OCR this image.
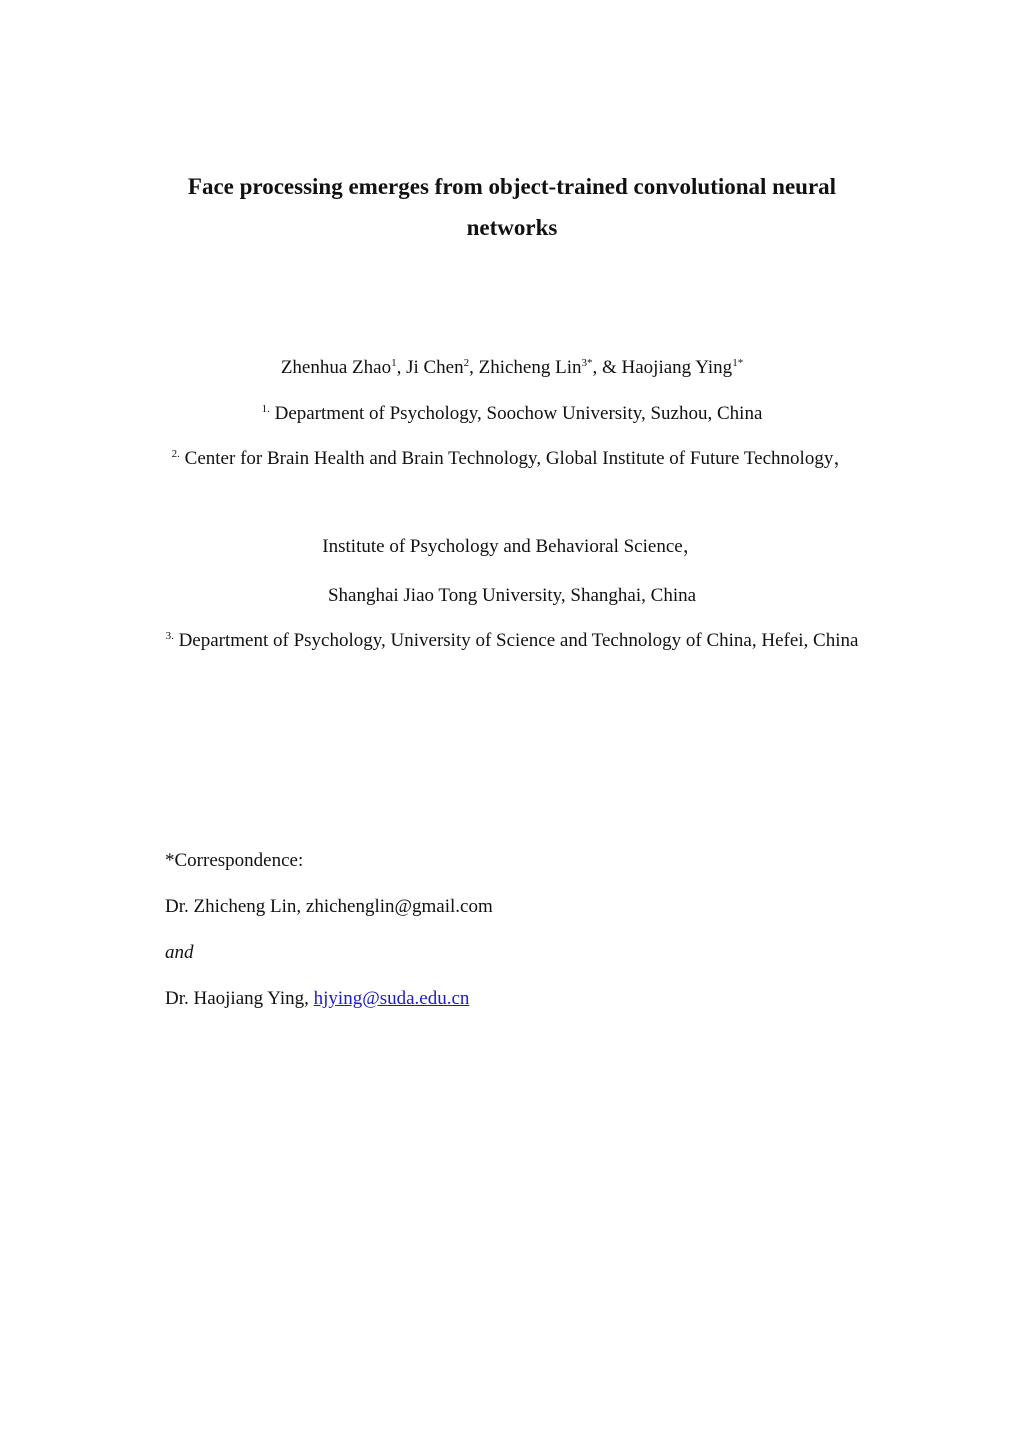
Face processing emerges from object-trained convolutional neural networks
Zhenhua Zhao$^1$, Ji Chen$^2$, Zhicheng Lin$^{3*}$, & Haojiang Ying$^{1*}$
$^{1.}$ Department of Psychology, Soochow University, Suzhou, China
$^{2.}$ Center for Brain Health and Brain Technology, Global Institute of Future Technology，
Institute of Psychology and Behavioral Science，
Shanghai Jiao Tong University, Shanghai, China
$^{3.}$ Department of Psychology, University of Science and Technology of China, Hefei, China
*Correspondence:
Dr. Zhicheng Lin, zhichenglin@gmail.com
and
Dr. Haojiang Ying, hjying@suda.edu.cn
